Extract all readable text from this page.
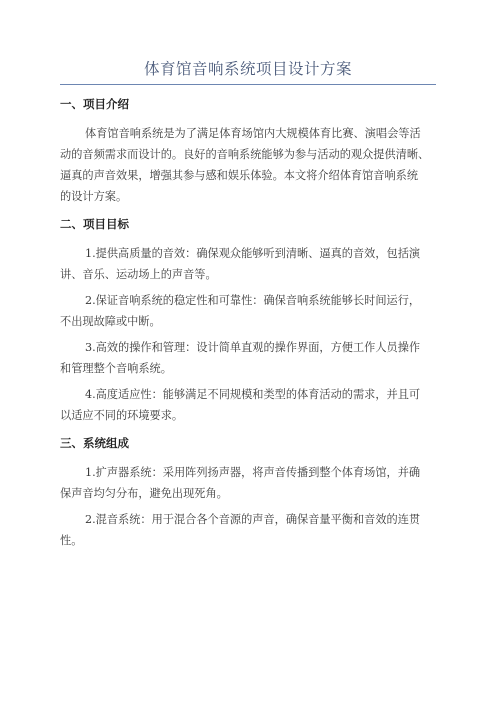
体育馆音响系统项目设计方案
一、项目介绍

体育馆音响系统是为了满足体育场馆内大规模体育比赛、演唱会等活
动的音频需求而设计的。良好的音响系统能够为参与活动的观众提供清晰、
逼真的声音效果，增强其参与感和娱乐体验。本文将介绍体育馆音响系统
的设计方案。

二、项目目标

1.提供高质量的音效：确保观众能够听到清晰、逼真的音效，包括演
讲、音乐、运动场上的声音等。

2.保证音响系统的稳定性和可靠性：确保音响系统能够长时间运行，
不出现故障或中断。

3.高效的操作和管理：设计简单直观的操作界面，方便工作人员操作
和管理整个音响系统。

4.高度适应性：能够满足不同规模和类型的体育活动的需求，并且可
以适应不同的环境要求。

三、系统组成

1.扩声器系统：采用阵列扬声器，将声音传播到整个体育场馆，并确
保声音均匀分布，避免出现死角。

2.混音系统：用于混合各个音源的声音，确保音量平衡和音效的连贯
性。
